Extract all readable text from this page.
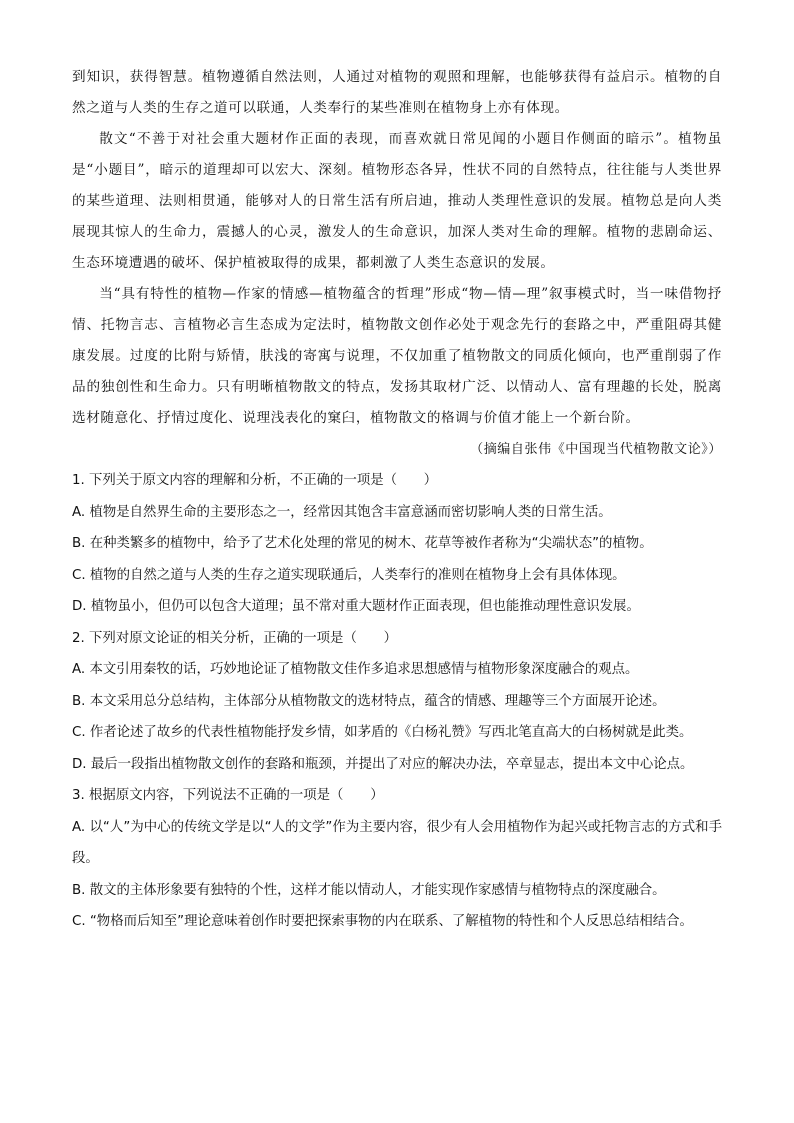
到知识，获得智慧。植物遵循自然法则，人通过对植物的观照和理解，也能够获得有益启示。植物的自然之道与人类的生存之道可以联通，人类奉行的某些准则在植物身上亦有体现。

散文“不善于对社会重大题材作正面的表现，而喜欢就日常见闻的小题目作侧面的暗示”。植物虽是“小题目”，暗示的道理却可以宏大、深刻。植物形态各异，性状不同的自然特点，往往能与人类世界的某些道理、法则相贯通，能够对人的日常生活有所启迪，推动人类理性意识的发展。植物总是向人类展现其惊人的生命力，震撼人的心灵，激发人的生命意识，加深人类对生命的理解。植物的悲剧命运、生态环境遭遇的破坏、保护植被取得的成果，都刺激了人类生态意识的发展。

当“具有特性的植物—作家的情感—植物蕴含的哲理”形成“物—情—理”叙事模式时，当一味借物抒情、托物言志、言植物必言生态成为定法时，植物散文创作必处于观念先行的套路之中，严重阻碍其健康发展。过度的比附与矫情，肤浅的寄寓与说理，不仅加重了植物散文的同质化倾向，也严重削弱了作品的独创性和生命力。只有明晰植物散文的特点，发扬其取材广泛、以情动人、富有理趣的长处，脱离选材随意化、抒情过度化、说理浅表化的窠臼，植物散文的格调与价值才能上一个新台阶。

（摘编自张伟《中国现当代植物散文论》）

1. 下列关于原文内容的理解和分析，不正确的一项是（　　）

A. 植物是自然界生命的主要形态之一，经常因其饱含丰富意涵而密切影响人类的日常生活。

B. 在种类繁多的植物中，给予了艺术化处理的常见的树木、花草等被作者称为“尖端状态”的植物。

C. 植物的自然之道与人类的生存之道实现联通后，人类奉行的准则在植物身上会有具体体现。

D. 植物虽小，但仍可以包含大道理；虽不常对重大题材作正面表现，但也能推动理性意识发展。

2. 下列对原文论证的相关分析，正确的一项是（　　）

A. 本文引用秦牧的话，巧妙地论证了植物散文佳作多追求思想感情与植物形象深度融合的观点。

B. 本文采用总分总结构，主体部分从植物散文的选材特点，蕴含的情感、理趣等三个方面展开论述。

C. 作者论述了故乡的代表性植物能抒发乡情，如茅盾的《白杨礼赞》写西北笔直高大的白杨树就是此类。

D. 最后一段指出植物散文创作的套路和瓶颈，并提出了对应的解决办法，卒章显志，提出本文中心论点。

3. 根据原文内容，下列说法不正确的一项是（　　）

A. 以“人”为中心的传统文学是以“人的文学”作为主要内容，很少有人会用植物作为起兴或托物言志的方式和手段。

B. 散文的主体形象要有独特的个性，这样才能以情动人，才能实现作家感情与植物特点的深度融合。

C. “物格而后知至”理论意味着创作时要把探索事物的内在联系、了解植物的特性和个人反思总结相结合。
